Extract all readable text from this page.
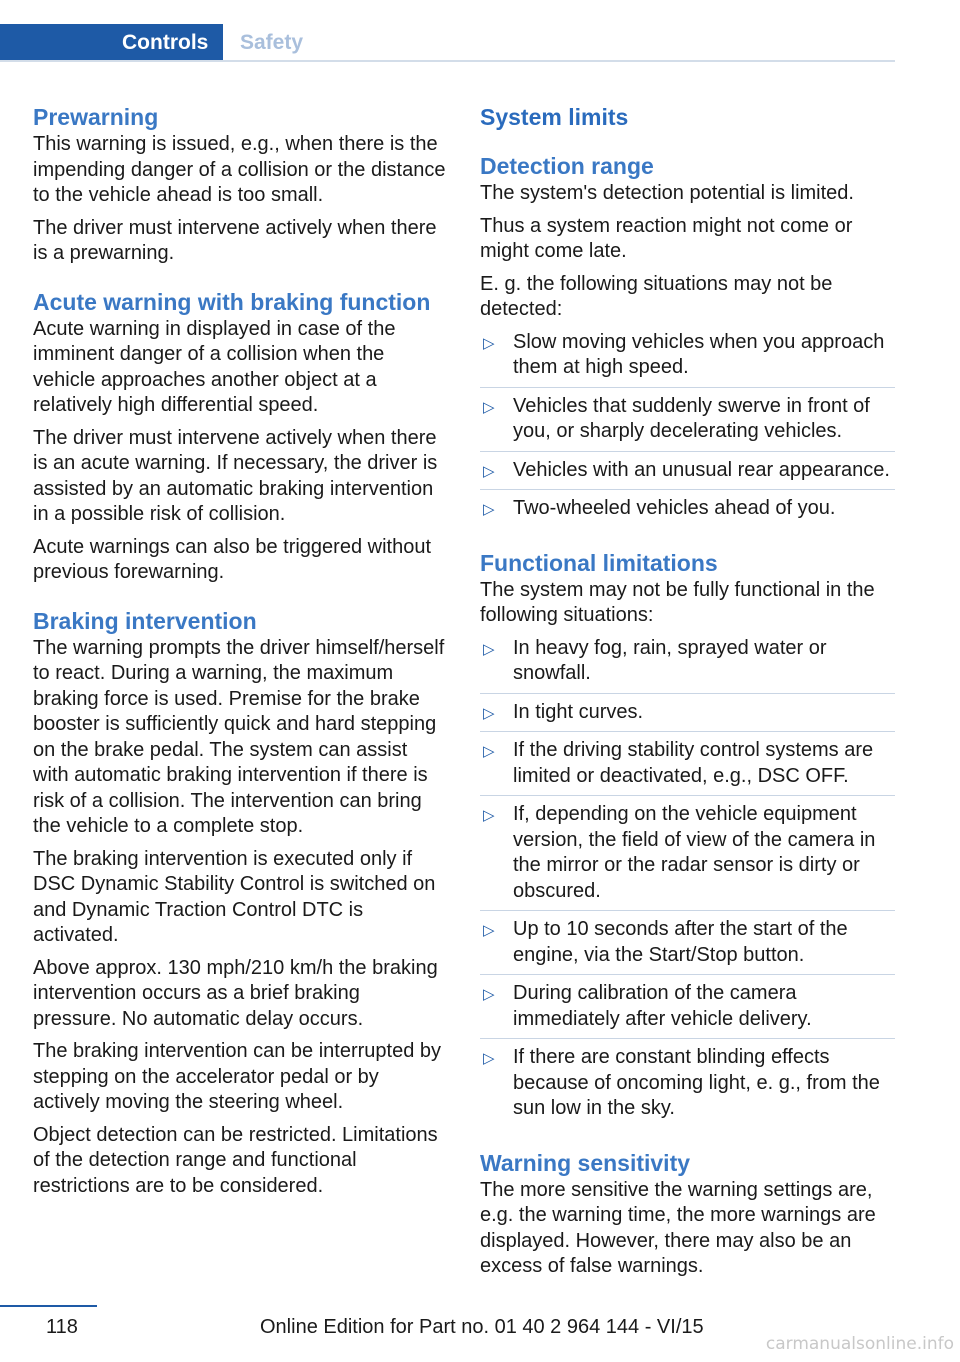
Controls	Safety
Prewarning

This warning is issued, e.g., when there is the impending danger of a collision or the distance to the vehicle ahead is too small.

The driver must intervene actively when there is a prewarning.

Acute warning with braking function

Acute warning in displayed in case of the imminent danger of a collision when the vehicle approaches another object at a relatively high differential speed.

The driver must intervene actively when there is an acute warning. If necessary, the driver is assisted by an automatic braking intervention in a possible risk of collision.

Acute warnings can also be triggered without previous forewarning.

Braking intervention

The warning prompts the driver himself/herself to react. During a warning, the maximum braking force is used. Premise for the brake booster is sufficiently quick and hard stepping on the brake pedal. The system can assist with automatic braking intervention if there is risk of a collision. The intervention can bring the vehicle to a complete stop.

The braking intervention is executed only if DSC Dynamic Stability Control is switched on and Dynamic Traction Control DTC is activated.

Above approx. 130 mph/210 km/h the braking intervention occurs as a brief braking pressure. No automatic delay occurs.

The braking intervention can be interrupted by stepping on the accelerator pedal or by actively moving the steering wheel.

Object detection can be restricted. Limitations of the detection range and functional restrictions are to be considered.

System limits
Detection range

The system's detection potential is limited.

Thus a system reaction might not come or might come late.

E. g. the following situations may not be detected:

▷ Slow moving vehicles when you approach them at high speed.
▷ Vehicles that suddenly swerve in front of you, or sharply decelerating vehicles.
▷ Vehicles with an unusual rear appearance.
▷ Two-wheeled vehicles ahead of you.
Functional limitations

The system may not be fully functional in the following situations:

▷ In heavy fog, rain, sprayed water or snowfall.
▷ In tight curves.
▷ If the driving stability control systems are limited or deactivated, e.g., DSC OFF.
▷ If, depending on the vehicle equipment version, the field of view of the camera in the mirror or the radar sensor is dirty or obscured.
▷ Up to 10 seconds after the start of the engine, via the Start/Stop button.
▷ During calibration of the camera immediately after vehicle delivery.
▷ If there are constant blinding effects because of oncoming light, e. g., from the sun low in the sky.
Warning sensitivity

The more sensitive the warning settings are, e.g. the warning time, the more warnings are displayed. However, there may also be an excess of false warnings.

118	Online Edition for Part no. 01 40 2 964 144 - VI/15
carmanualsonline.info
